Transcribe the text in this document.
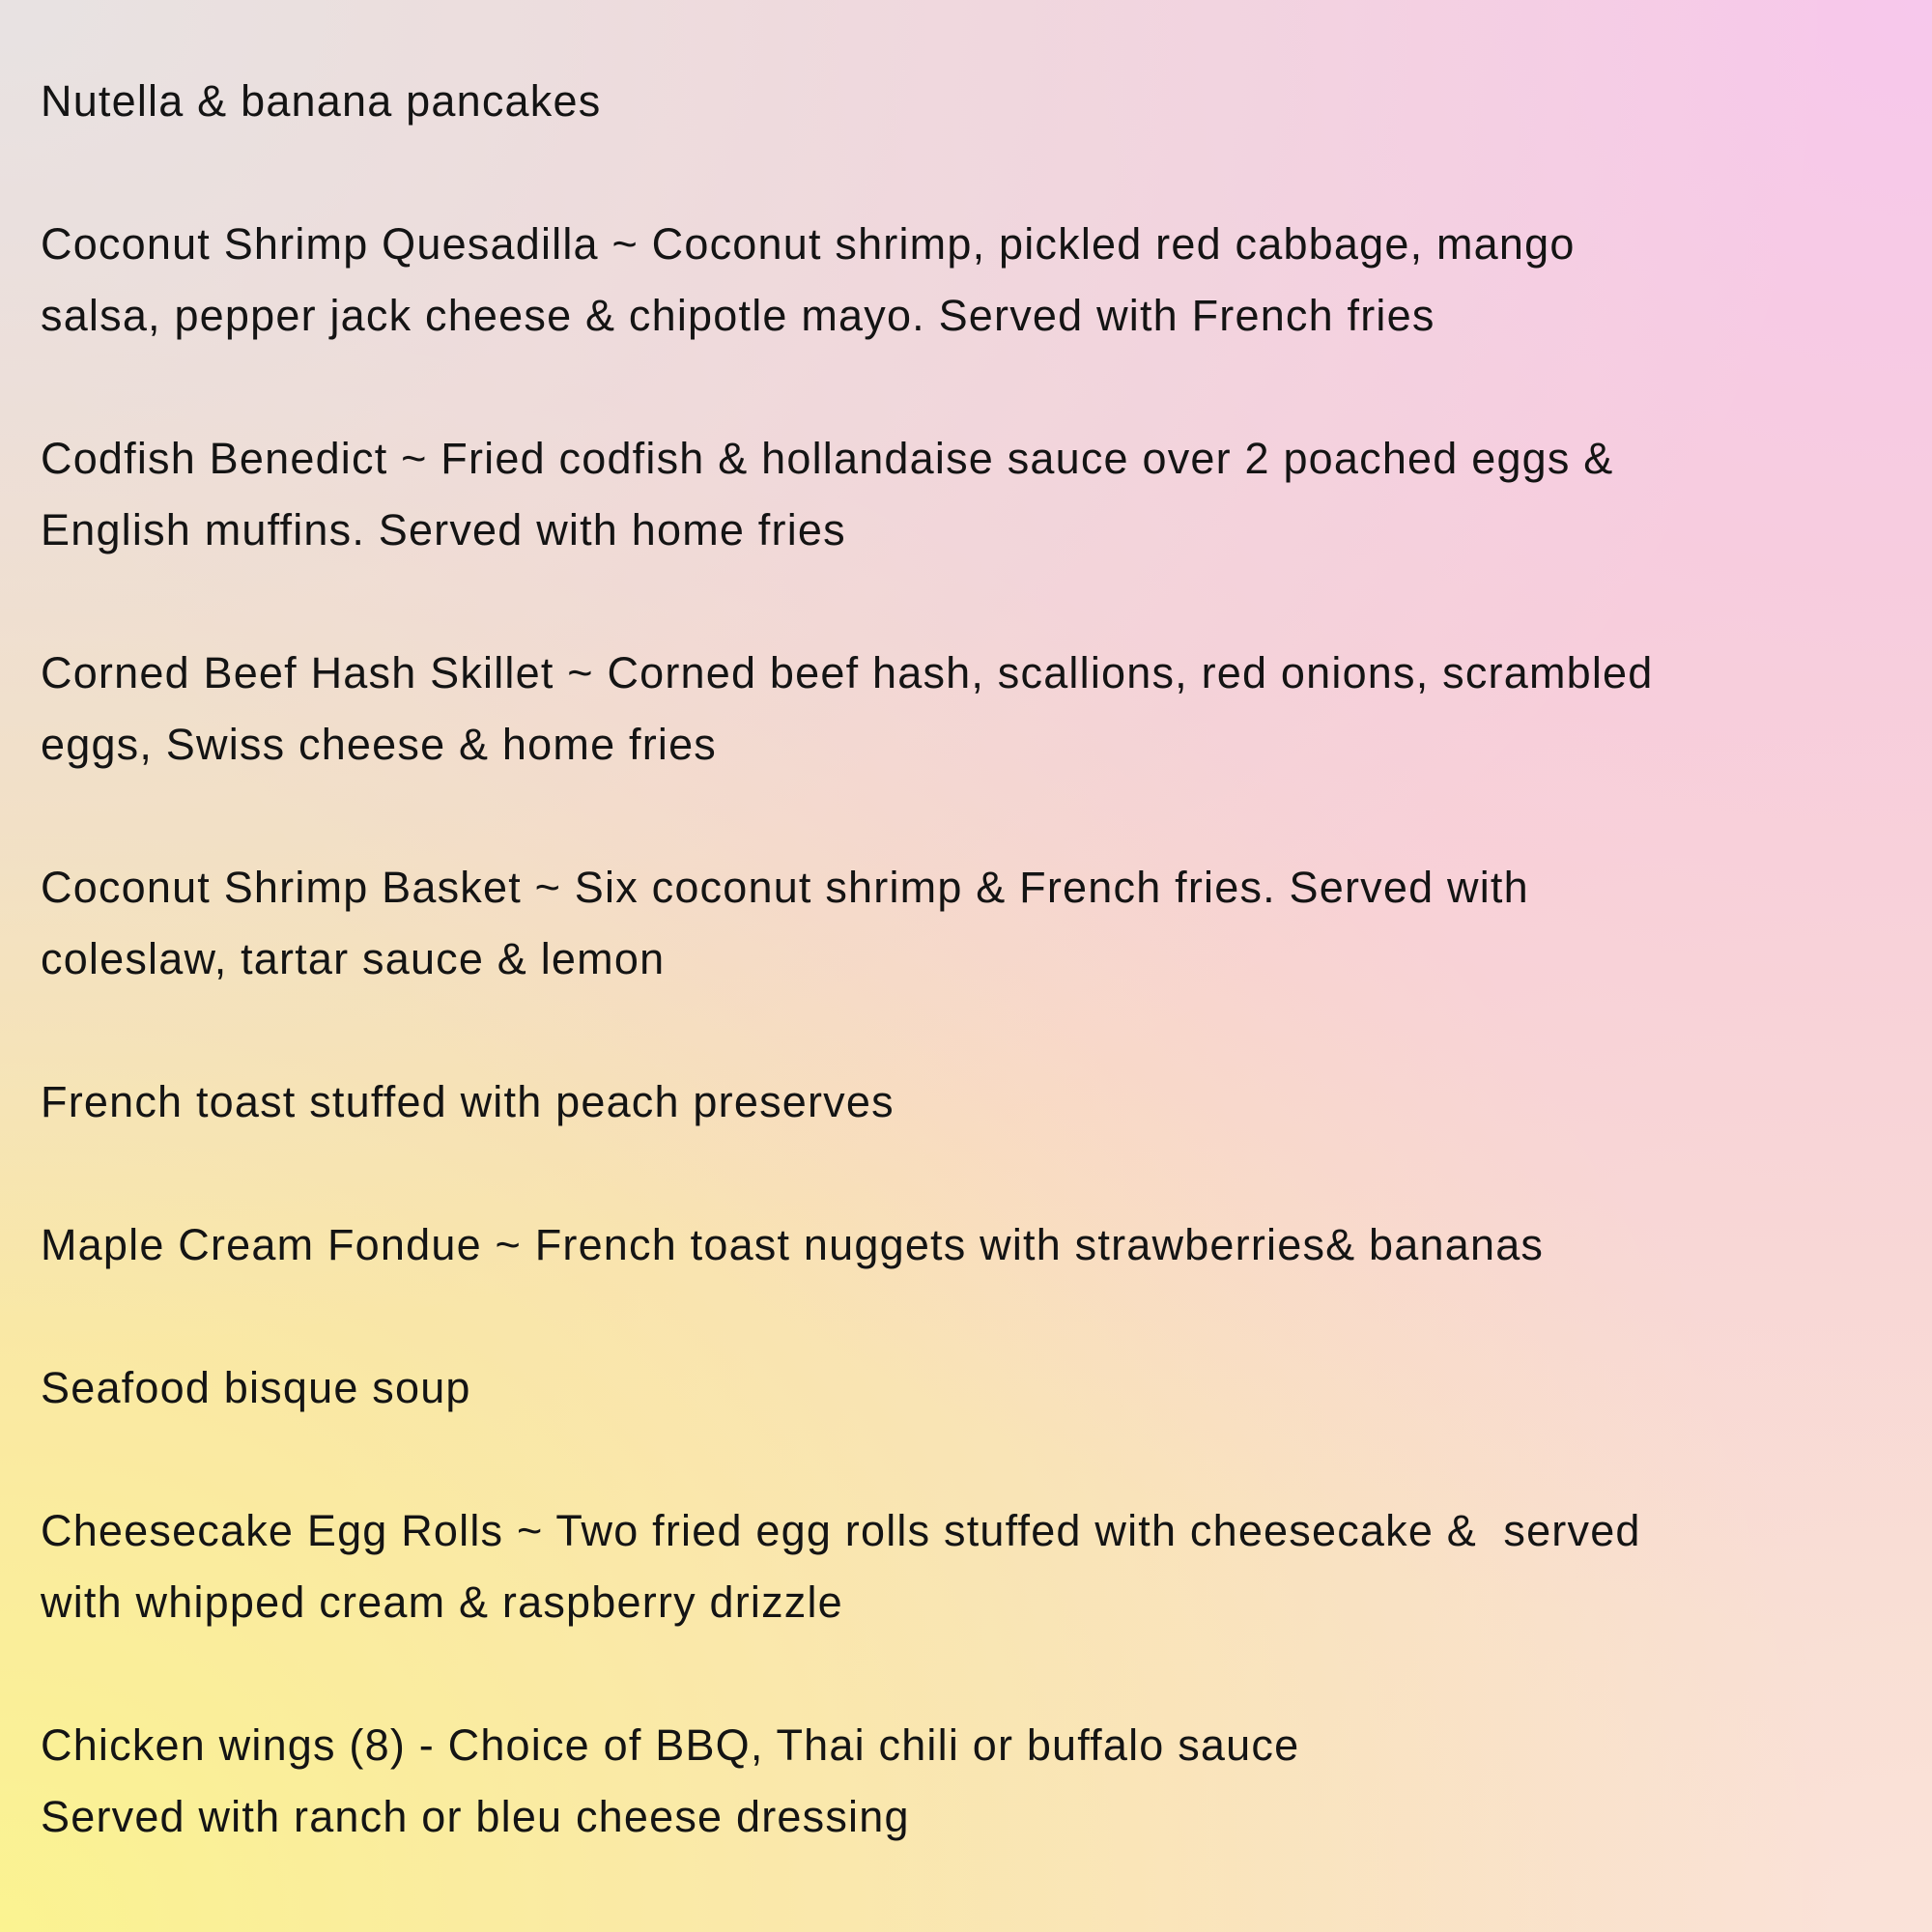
Nutella & banana pancakes

Coconut Shrimp Quesadilla ~ Coconut shrimp, pickled red cabbage, mango
salsa, pepper jack cheese & chipotle mayo. Served with French fries

Codfish Benedict ~ Fried codfish & hollandaise sauce over 2 poached eggs &
English muffins. Served with home fries

Corned Beef Hash Skillet ~ Corned beef hash, scallions, red onions, scrambled
eggs, Swiss cheese & home fries

Coconut Shrimp Basket ~ Six coconut shrimp & French fries. Served with
coleslaw, tartar sauce & lemon

French toast stuffed with peach preserves

Maple Cream Fondue ~ French toast nuggets with strawberries& bananas

Seafood bisque soup

Cheesecake Egg Rolls ~ Two fried egg rolls stuffed with cheesecake &  served
with whipped cream & raspberry drizzle

Chicken wings (8) - Choice of BBQ, Thai chili or buffalo sauce
Served with ranch or bleu cheese dressing
